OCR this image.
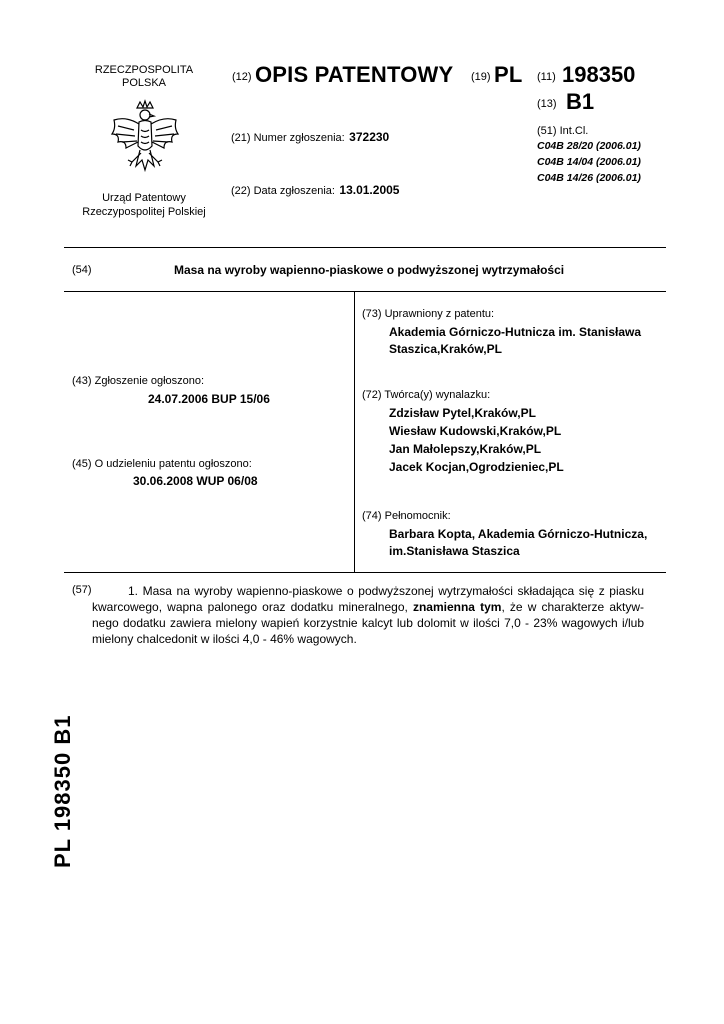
RZECZPOSPOLITA
POLSKA
Urząd Patentowy
Rzeczypospolitej Polskiej
(12) OPIS PATENTOWY (19) PL (11) 198350
(13) B1
(21) Numer zgłoszenia: 372230
(22) Data zgłoszenia: 13.01.2005
(51) Int.Cl.
C04B 28/20 (2006.01)
C04B 14/04 (2006.01)
C04B 14/26 (2006.01)
(54)	Masa na wyroby wapienno-piaskowe o podwyższonej wytrzymałości
(43) Zgłoszenie ogłoszono:
24.07.2006 BUP 15/06
(45) O udzieleniu patentu ogłoszono:
30.06.2008 WUP 06/08
(73) Uprawniony z patentu:
Akademia Górniczo-Hutnicza im. Stanisława
Staszica,Kraków,PL
(72) Twórca(y) wynalazku:
Zdzisław Pytel,Kraków,PL
Wiesław Kudowski,Kraków,PL
Jan Małolepszy,Kraków,PL
Jacek Kocjan,Ogrodzieniec,PL
(74) Pełnomocnik:
Barbara Kopta, Akademia Górniczo-Hutnicza,
im.Stanisława Staszica
(57)	1. Masa na wyroby wapienno-piaskowe o podwyższonej wytrzymałości składająca się z piasku kwarcowego, wapna palonego oraz dodatku mineralnego, znamienna tym, że w charakterze aktyw-nego dodatku zawiera mielony wapień korzystnie kalcyt lub dolomit w ilości 7,0 - 23% wagowych i/lub mielony chalcedonit w ilości 4,0 - 46% wagowych.
PL 198350 B1
